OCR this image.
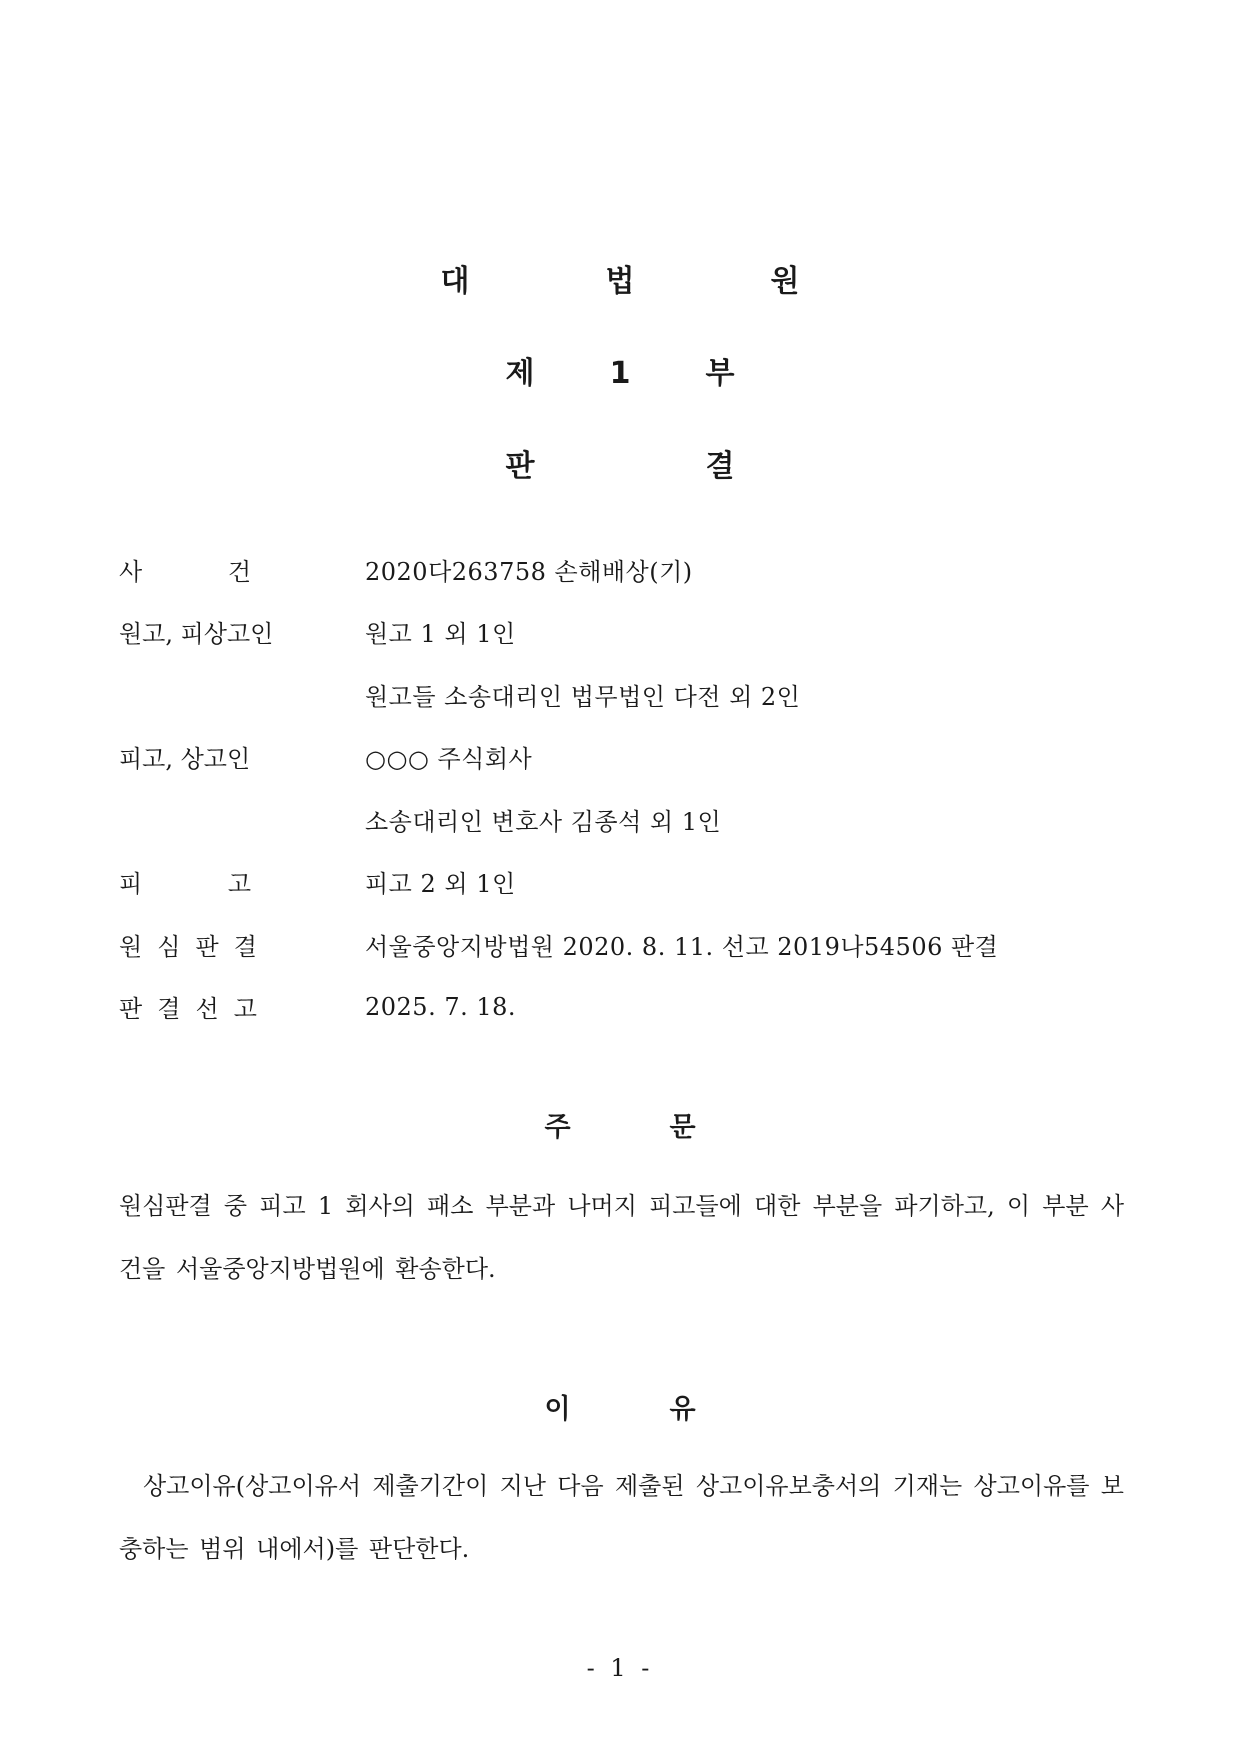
대	법	원
제	1	부
판	결
사	건	2020다263758 손해배상(기)
원고, 피상고인	원고 1 외 1인
원고들 소송대리인 법무법인 다전 외 2인
피고, 상고인	○○○ 주식회사
소송대리인 변호사 김종석 외 1인
피	고	피고 2 외 1인
원 심 판 결	서울중앙지방법원 2020. 8. 11. 선고 2019나54506 판결
판 결 선 고	2025. 7. 18.
주	문
원심판결 중 피고 1 회사의 패소 부분과 나머지 피고들에 대한 부분을 파기하고, 이 부분 사건을 서울중앙지방법원에 환송한다.
이	유
상고이유(상고이유서 제출기간이 지난 다음 제출된 상고이유보충서의 기재는 상고이유를 보충하는 범위 내에서)를 판단한다.
- 1 -
